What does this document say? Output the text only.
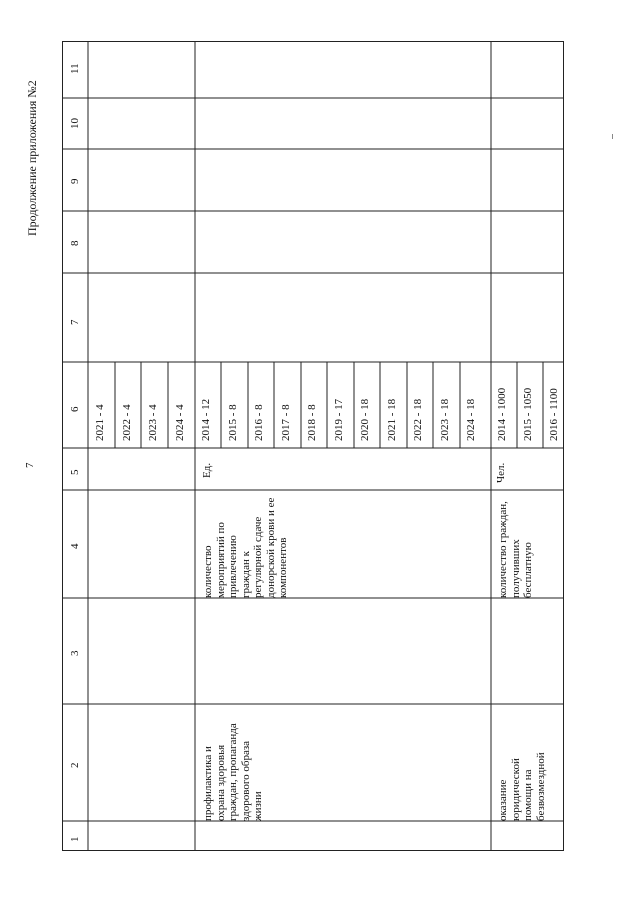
7
Продолжение приложения №2
11
10
9
8
7
6
5
4
3
2
1
2021 - 4 2022 - 4 2023 - 4 2024 - 4
профилактика и охрана здоровья граждан, пропаганда здорового образа жизни
количество мероприятий по привлечению граждан к регулярной сдаче донорской крови и ее компонентов
Ед.
2014 - 12 2015 - 8 2016 - 8 2017 - 8 2018 - 8 2019 - 17 2020 - 18 2021 - 18 2022 - 18 2023 - 18 2024 - 18
оказание юридической помощи на безвозмездной
количество граждан, получивших бесплатную
Чел.
2014 - 1000 2015 - 1050 2016 - 1100
